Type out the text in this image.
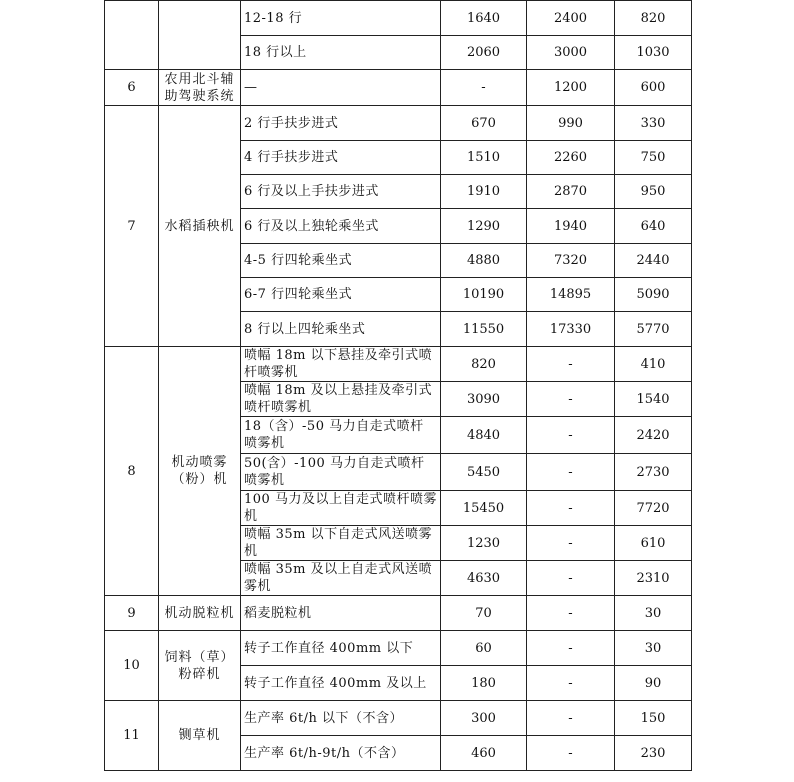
		12-18 行	1640	2400	820
		18 行以上	2060	3000	1030
6	农用北斗辅助驾驶系统	—	-	1200	600
7	水稻插秧机	2 行手扶步进式	670	990	330
		4 行手扶步进式	1510	2260	750
		6 行及以上手扶步进式	1910	2870	950
		6 行及以上独轮乘坐式	1290	1940	640
		4-5 行四轮乘坐式	4880	7320	2440
		6-7 行四轮乘坐式	10190	14895	5090
		8 行以上四轮乘坐式	11550	17330	5770
8	机动喷雾（粉）机	喷幅 18m 以下悬挂及牵引式喷杆喷雾机	820	-	410
		喷幅 18m 及以上悬挂及牵引式喷杆喷雾机	3090	-	1540
		18（含）-50 马力自走式喷杆喷雾机	4840	-	2420
		50(含）-100 马力自走式喷杆喷雾机	5450	-	2730
		100 马力及以上自走式喷杆喷雾机	15450	-	7720
		喷幅 35m 以下自走式风送喷雾机	1230	-	610
		喷幅 35m 及以上自走式风送喷雾机	4630	-	2310
9	机动脱粒机	稻麦脱粒机	70	-	30
10	饲料（草）粉碎机	转子工作直径 400mm 以下	60	-	30
		转子工作直径 400mm 及以上	180	-	90
11	铡草机	生产率 6t/h 以下（不含）	300	-	150
		生产率 6t/h-9t/h（不含）	460	-	230
